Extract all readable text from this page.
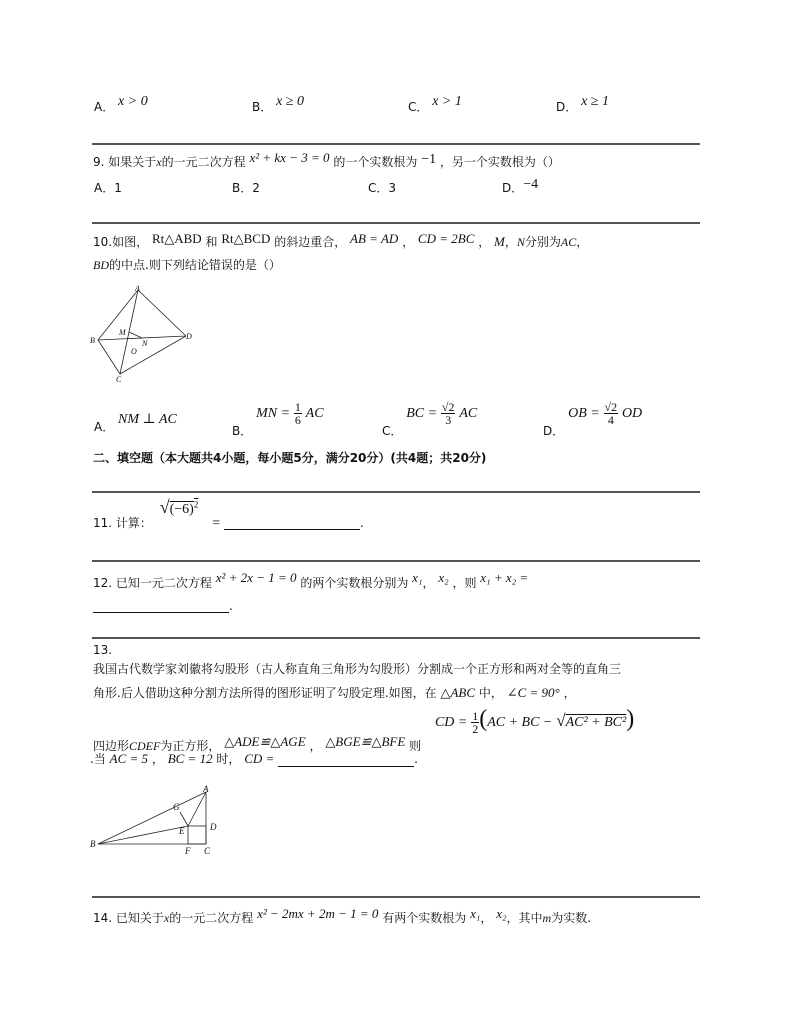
A． x > 0	B． x ≥ 0	C． x > 1	D． x ≥ 1
9. 如果关于x的一元二次方程 x² + kx − 3 = 0 的一个实数根为 −1 ，另一个实数根为（）
A．1	B．2	C．3	D．−4
10.如图， Rt△ABD 和 Rt△BCD 的斜边重合， AB = AD ， CD = 2BC ， M，N分别为AC，
BD的中点.则下列结论错误的是（）
A
B
C
D
M
N
O
A． NM ⊥ AC
B． MN = $\frac{1}{6}$ AC
C． BC = $\frac{√2}{3}$ AC
D． OB = $\frac{√2}{4}$ OD
二、填空题（本大题共4小题，每小题5分，满分20分）(共4题；共20分)
11. 计算： $√(-6)^2$ =	.
12. 已知一元二次方程 x² + 2x − 1 = 0 的两个实数根分别为 x₁， x₂ ，则 x₁ + x₂ =
.
13.
我国古代数学家刘徽将勾股形（古人称直角三角形为勾股形）分割成一个正方形和两对全等的直角三
角形.后人借助这种分割方法所得的图形证明了勾股定理.如图，在 △ABC 中， ∠C = 90° ，
四边形CDEF为正方形， △ADE≌△AGE ， △BGE≌△BFE 则 CD = $\frac{1}{2} (AC$ + BC − √AC² + BC²)
.当 AC = 5 ， BC = 12 时， CD =	.
A
B
C
D
E
F
G
14. 已知关于x的一元二次方程 x² − 2mx + 2m − 1 = 0 有两个实数根为 x₁， x₂，其中m为实数.
